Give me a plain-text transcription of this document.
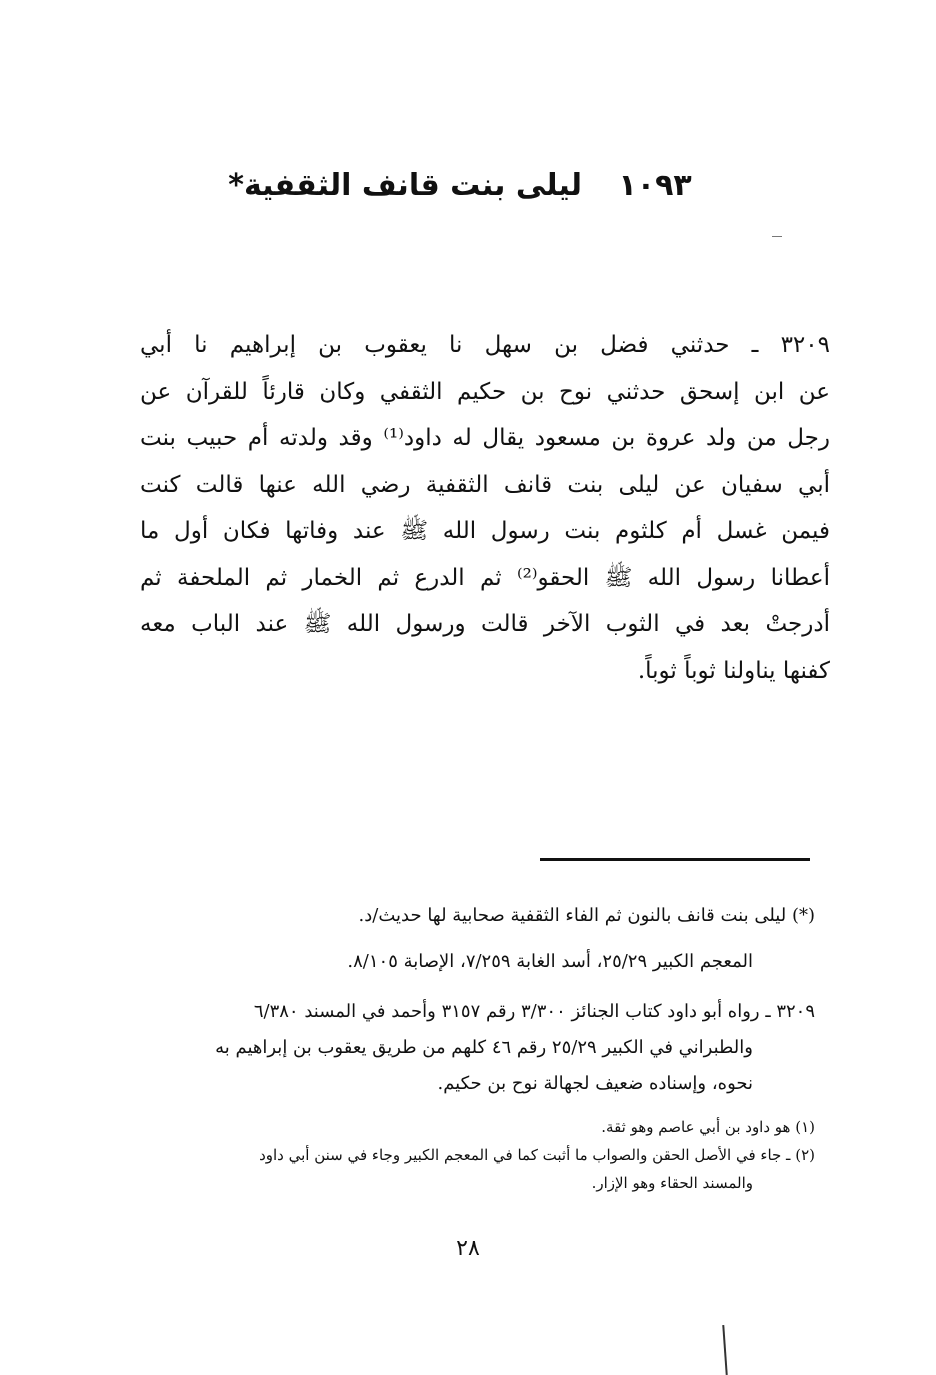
١٠٩٣ ليلى بنت قانف الثقفية*
٣٢٠٩ ـ حدثني فضل بن سهل نا يعقوب بن إبراهيم نا أبي
عن ابن إسحق حدثني نوح بن حكيم الثقفي وكان قارئاً للقرآن عن
رجل من ولد عروة بن مسعود يقال له داود⁽¹⁾ وقد ولدته أم حبيب بنت
أبي سفيان عن ليلى بنت قانف الثقفية رضي الله عنها قالت كنت
فيمن غسل أم كلثوم بنت رسول الله ﷺ عند وفاتها فكان أول ما
أعطانا رسول الله ﷺ الحقو⁽²⁾ ثم الدرع ثم الخمار ثم الملحفة ثم
أدرجتْ بعد في الثوب الآخر قالت ورسول الله ﷺ عند الباب معه
كفنها يناولنا ثوباً ثوباً.
(*) ليلى بنت قانف بالنون ثم الفاء الثقفية صحابية لها حديث/د.
المعجم الكبير ٢٥/٢٩، أسد الغابة ٧/٢٥٩، الإصابة ٨/١٠٥.
٣٢٠٩ ـ رواه أبو داود كتاب الجنائز ٣/٣٠٠ رقم ٣١٥٧ وأحمد في المسند ٦/٣٨٠
والطبراني في الكبير ٢٥/٢٩ رقم ٤٦ كلهم من طريق يعقوب بن إبراهيم به
نحوه، وإسناده ضعيف لجهالة نوح بن حكيم.
(١) هو داود بن أبي عاصم وهو ثقة.
(٢) ـ جاء في الأصل الحقن والصواب ما أثبت كما في المعجم الكبير وجاء في سنن أبي داود
والمسند الحقاء وهو الإزار.
٢٨
